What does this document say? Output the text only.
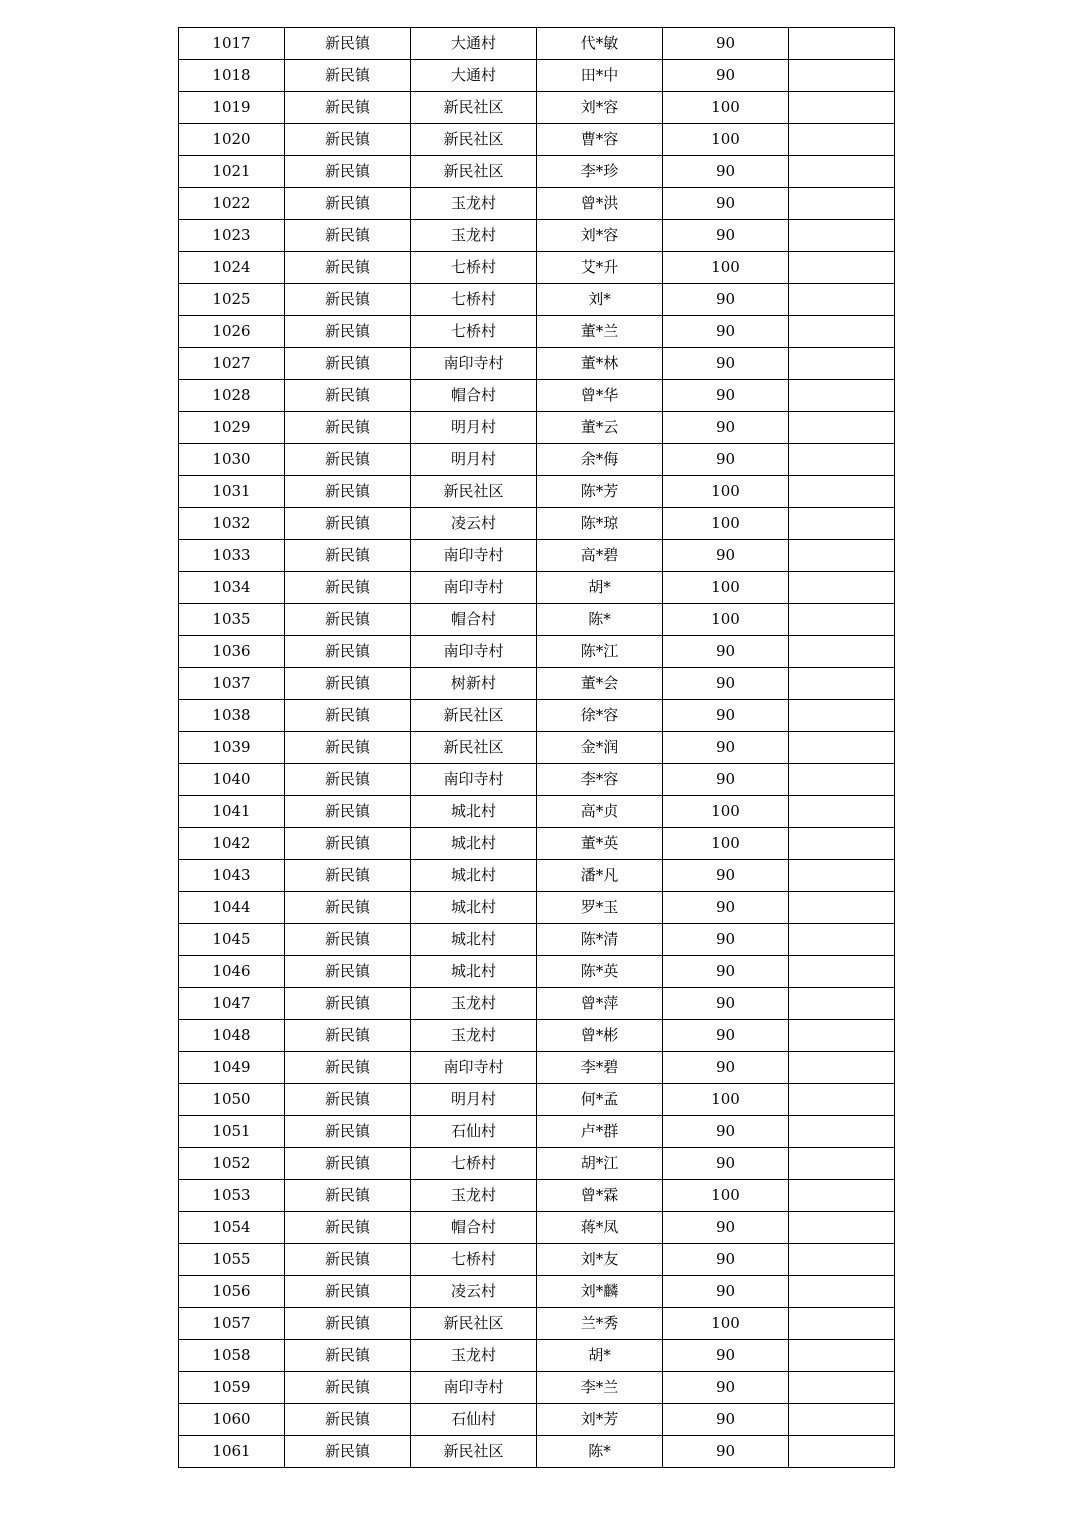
1017	新民镇	大通村	代*敏	90	
1018	新民镇	大通村	田*中	90	
1019	新民镇	新民社区	刘*容	100	
1020	新民镇	新民社区	曹*容	100	
1021	新民镇	新民社区	李*珍	90	
1022	新民镇	玉龙村	曾*洪	90	
1023	新民镇	玉龙村	刘*容	90	
1024	新民镇	七桥村	艾*升	100	
1025	新民镇	七桥村	刘*	90	
1026	新民镇	七桥村	董*兰	90	
1027	新民镇	南印寺村	董*林	90	
1028	新民镇	帽合村	曾*华	90	
1029	新民镇	明月村	董*云	90	
1030	新民镇	明月村	余*侮	90	
1031	新民镇	新民社区	陈*芳	100	
1032	新民镇	凌云村	陈*琼	100	
1033	新民镇	南印寺村	高*碧	90	
1034	新民镇	南印寺村	胡*	100	
1035	新民镇	帽合村	陈*	100	
1036	新民镇	南印寺村	陈*江	90	
1037	新民镇	树新村	董*会	90	
1038	新民镇	新民社区	徐*容	90	
1039	新民镇	新民社区	金*润	90	
1040	新民镇	南印寺村	李*容	90	
1041	新民镇	城北村	高*贞	100	
1042	新民镇	城北村	董*英	100	
1043	新民镇	城北村	潘*凡	90	
1044	新民镇	城北村	罗*玉	90	
1045	新民镇	城北村	陈*清	90	
1046	新民镇	城北村	陈*英	90	
1047	新民镇	玉龙村	曾*萍	90	
1048	新民镇	玉龙村	曾*彬	90	
1049	新民镇	南印寺村	李*碧	90	
1050	新民镇	明月村	何*孟	100	
1051	新民镇	石仙村	卢*群	90	
1052	新民镇	七桥村	胡*江	90	
1053	新民镇	玉龙村	曾*霖	100	
1054	新民镇	帽合村	蒋*凤	90	
1055	新民镇	七桥村	刘*友	90	
1056	新民镇	凌云村	刘*麟	90	
1057	新民镇	新民社区	兰*秀	100	
1058	新民镇	玉龙村	胡*	90	
1059	新民镇	南印寺村	李*兰	90	
1060	新民镇	石仙村	刘*芳	90	
1061	新民镇	新民社区	陈*	90	
